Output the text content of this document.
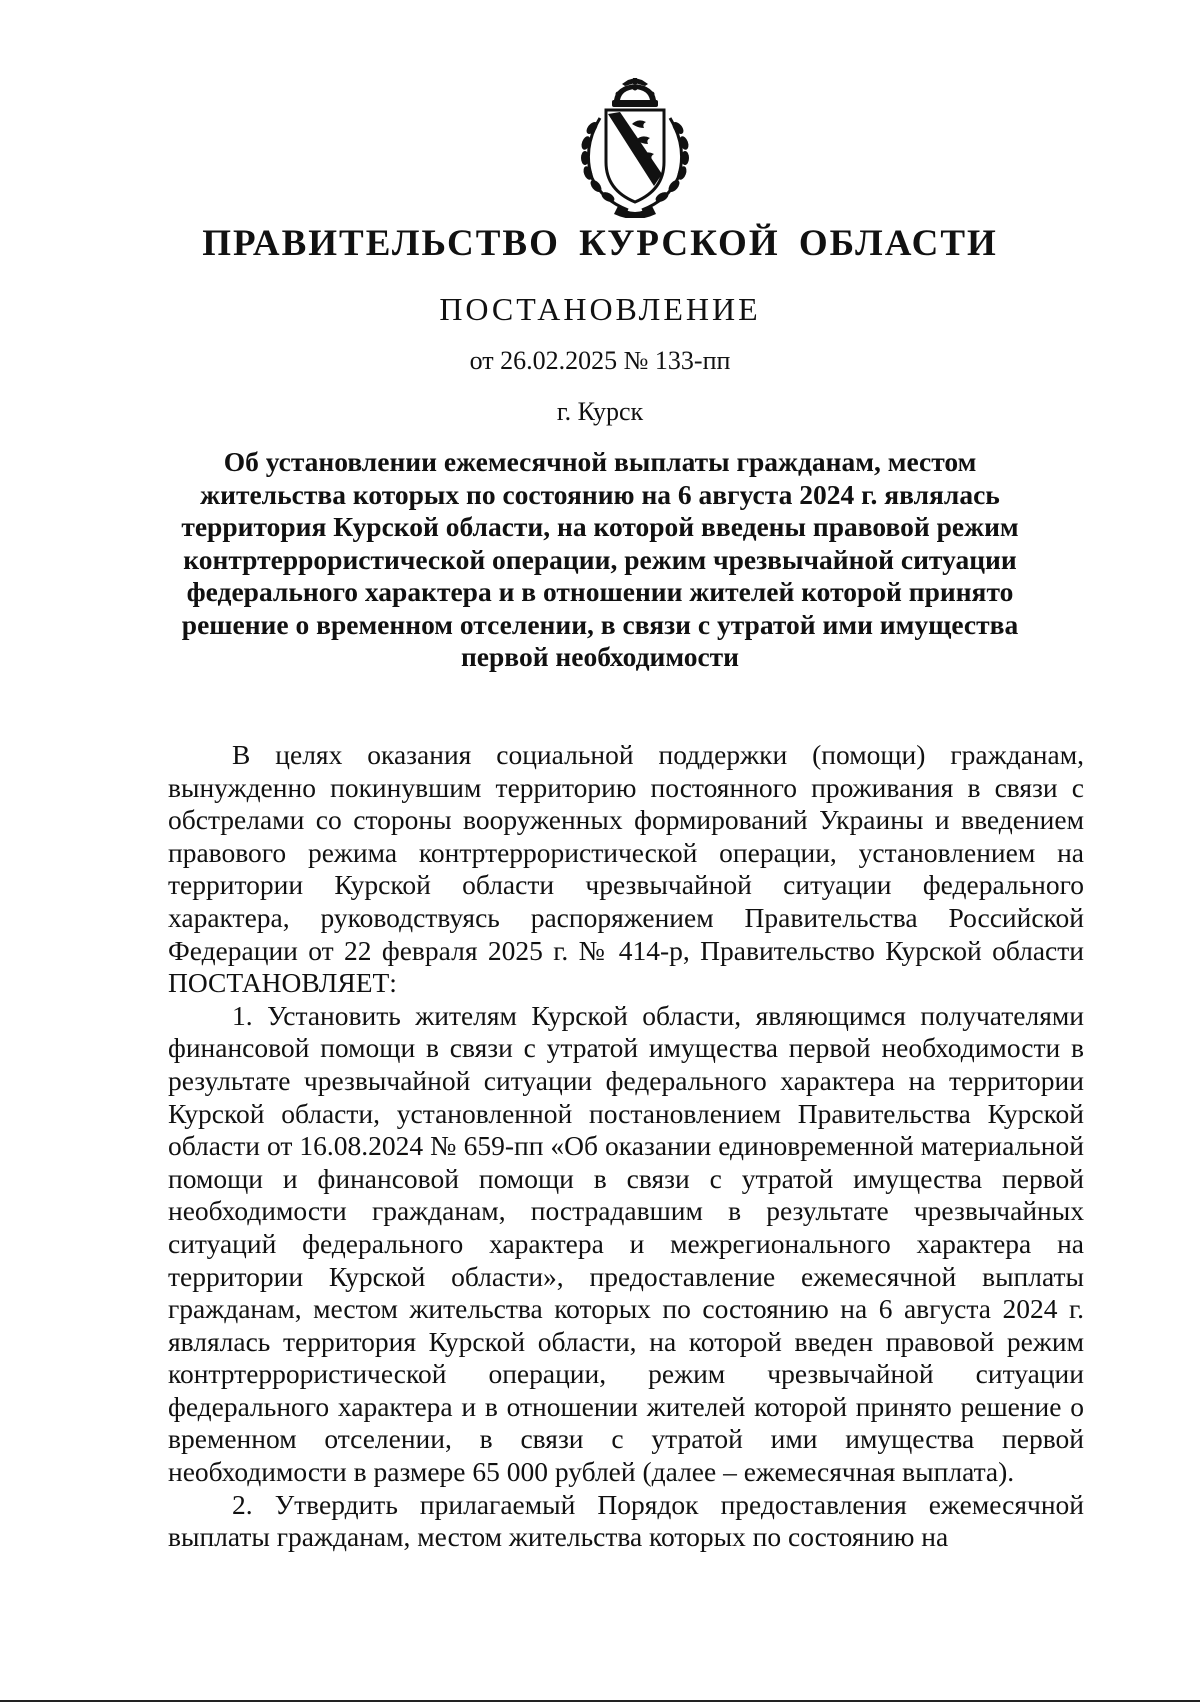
ПРАВИТЕЛЬСТВО КУРСКОЙ ОБЛАСТИ
ПОСТАНОВЛЕНИЕ
от 26.02.2025 № 133-пп
г. Курск
Об установлении ежемесячной выплаты гражданам, местом жительства которых по состоянию на 6 августа 2024 г. являлась территория Курской области, на которой введены правовой режим контртеррористической операции, режим чрезвычайной ситуации федерального характера и в отношении жителей которой принято решение о временном отселении, в связи с утратой ими имущества первой необходимости

В целях оказания социальной поддержки (помощи) гражданам, вынужденно покинувшим территорию постоянного проживания в связи с обстрелами со стороны вооруженных формирований Украины и введением правового режима контртеррористической операции, установлением на территории Курской области чрезвычайной ситуации федерального характера, руководствуясь распоряжением Правительства Российской Федерации от 22 февраля 2025 г. № 414-р, Правительство Курской области ПОСТАНОВЛЯЕТ:

1. Установить жителям Курской области, являющимся получателями финансовой помощи в связи с утратой имущества первой необходимости в результате чрезвычайной ситуации федерального характера на территории Курской области, установленной постановлением Правительства Курской области от 16.08.2024 № 659-пп «Об оказании единовременной материальной помощи и финансовой помощи в связи с утратой имущества первой необходимости гражданам, пострадавшим в результате чрезвычайных ситуаций федерального характера и межрегионального характера на территории Курской области», предоставление ежемесячной выплаты гражданам, местом жительства которых по состоянию на 6 августа 2024 г. являлась территория Курской области, на которой введен правовой режим контртеррористической операции, режим чрезвычайной ситуации федерального характера и в отношении жителей которой принято решение о временном отселении, в связи с утратой ими имущества первой необходимости в размере 65 000 рублей (далее – ежемесячная выплата).

2. Утвердить прилагаемый Порядок предоставления ежемесячной выплаты гражданам, местом жительства которых по состоянию на
